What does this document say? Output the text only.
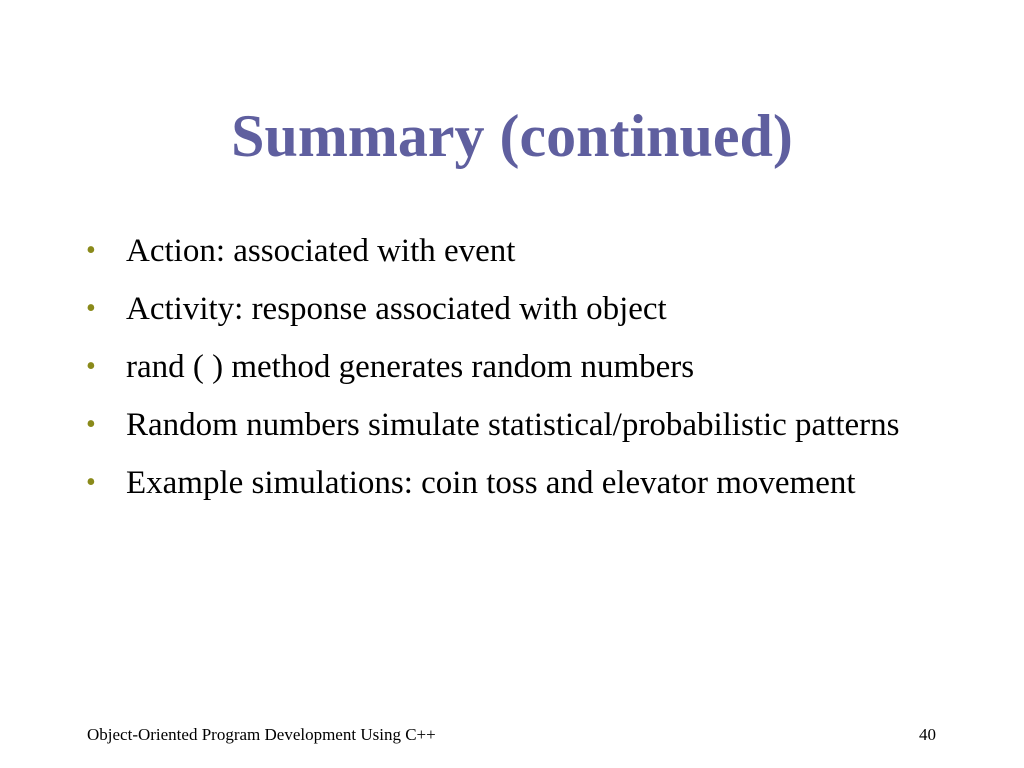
Summary (continued)
• Action: associated with event
• Activity: response associated with object
• rand ( ) method generates random numbers
• Random numbers simulate statistical/probabilistic patterns
• Example simulations: coin toss and elevator movement
Object-Oriented Program Development Using C++	40
